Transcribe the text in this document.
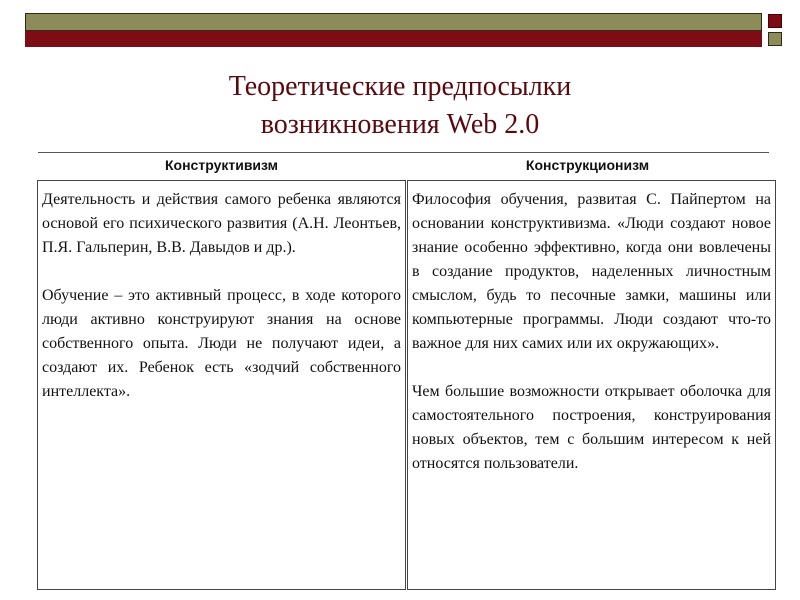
Теоретические предпосылки
возникновения Web 2.0
Конструктивизм	Конструкционизм

Деятельность и действия самого ребенка являются основой его психического развития (А.Н. Леонтьев, П.Я. Гальперин, В.В. Давыдов и др.).

Обучение – это активный процесс, в ходе которого люди активно конструируют знания на основе собственного опыта. Люди не получают идеи, а создают их. Ребенок есть «зодчий собственного интеллекта».

Философия обучения, развитая С. Пайпертом на основании конструктивизма. «Люди создают новое знание особенно эффективно, когда они вовлечены в создание продуктов, наделенных личностным смыслом, будь то песочные замки, машины или компьютерные программы. Люди создают что-то важное для них самих или их окружающих».

Чем большие возможности открывает оболочка для самостоятельного построения, конструирования новых объектов, тем с большим интересом к ней относятся пользователи.
